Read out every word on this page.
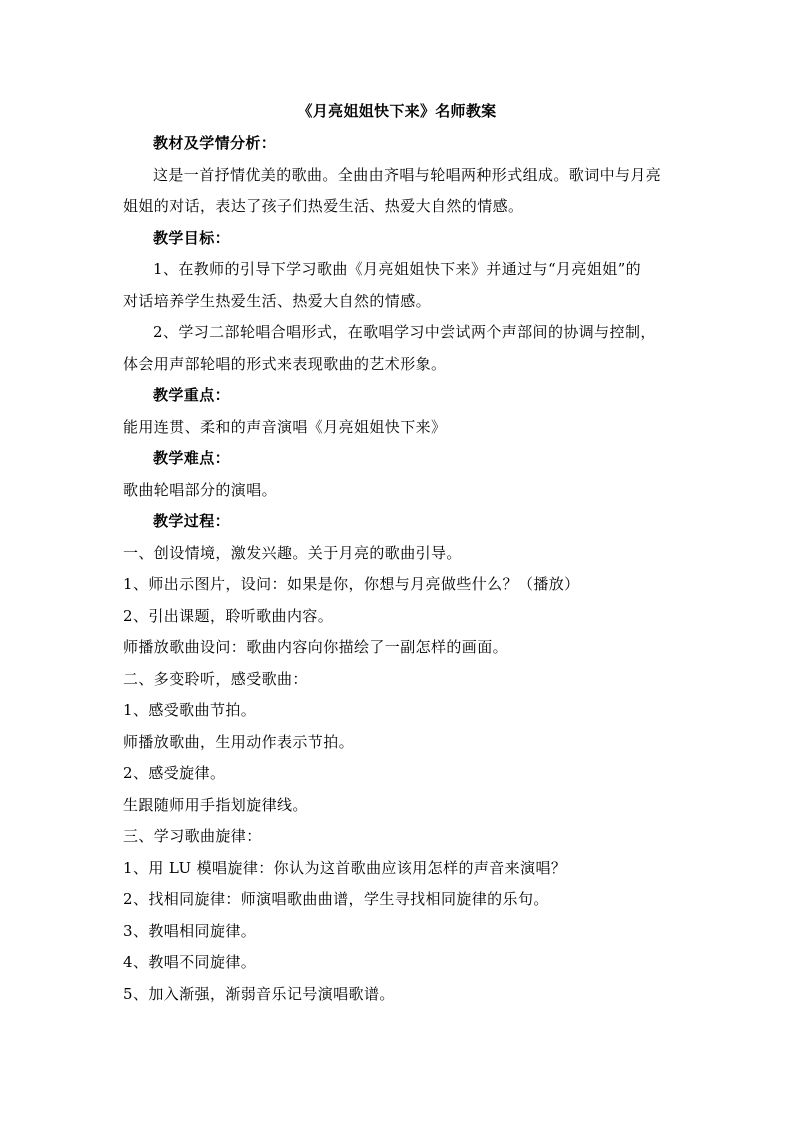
《月亮姐姐快下来》名师教案
教材及学情分析：
这是一首抒情优美的歌曲。全曲由齐唱与轮唱两种形式组成。歌词中与月亮
姐姐的对话，表达了孩子们热爱生活、热爱大自然的情感。
教学目标：
1、在教师的引导下学习歌曲《月亮姐姐快下来》并通过与“月亮姐姐”的
对话培养学生热爱生活、热爱大自然的情感。
2、学习二部轮唱合唱形式，在歌唱学习中尝试两个声部间的协调与控制，
体会用声部轮唱的形式来表现歌曲的艺术形象。
教学重点：
能用连贯、柔和的声音演唱《月亮姐姐快下来》
教学难点：
歌曲轮唱部分的演唱。
教学过程：
一、创设情境，激发兴趣。关于月亮的歌曲引导。
1、师出示图片，设问：如果是你，你想与月亮做些什么？（播放）
2、引出课题，聆听歌曲内容。
师播放歌曲设问：歌曲内容向你描绘了一副怎样的画面。
二、多变聆听，感受歌曲：
1、感受歌曲节拍。
师播放歌曲，生用动作表示节拍。
2、感受旋律。
生跟随师用手指划旋律线。
三、学习歌曲旋律：
1、用 LU 模唱旋律：你认为这首歌曲应该用怎样的声音来演唱？
2、找相同旋律：师演唱歌曲曲谱，学生寻找相同旋律的乐句。
3、教唱相同旋律。
4、教唱不同旋律。
5、加入渐强，渐弱音乐记号演唱歌谱。
